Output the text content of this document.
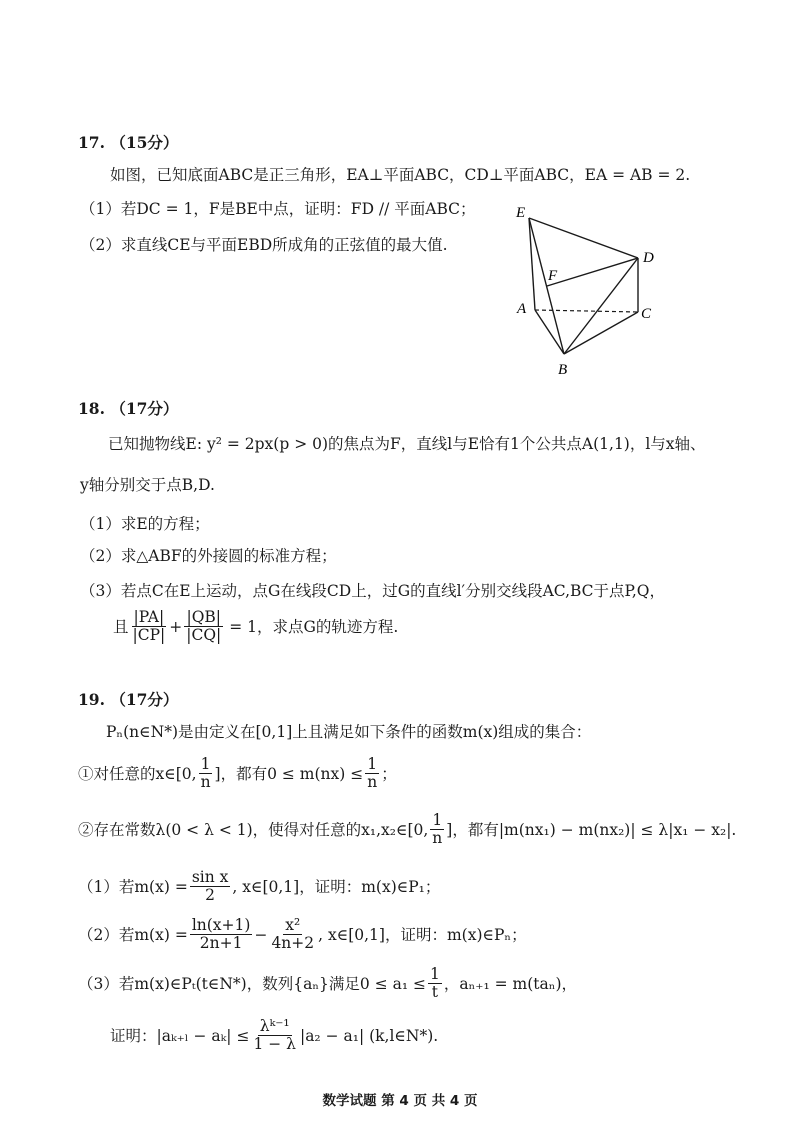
17. （15分）
如图，已知底面ABC是正三角形，EA⊥平面ABC，CD⊥平面ABC，EA = AB = 2.
（1）若DC = 1，F是BE中点，证明：FD // 平面ABC；
（2）求直线CE与平面EBD所成角的正弦值的最大值.
E
D
F
A	C
B
18. （17分）
已知抛物线E: y² = 2px(p > 0)的焦点为F，直线l与E恰有1个公共点A(1,1)，l与x轴、
y轴分别交于点B,D.
（1）求E的方程；
（2）求△ABF的外接圆的标准方程；
（3）若点C在E上运动，点G在线段CD上，过G的直线l′分别交线段AC,BC于点P,Q，
且 $\frac{|PA|}{|CP|} + \frac{|QB|}{|CQ|} = 1$，求点G的轨迹方程.
19. （17分）
Pₙ(n∈N*)是由定义在[0,1]上且满足如下条件的函数m(x)组成的集合：
①对任意的x∈[0, $\frac{1}{n}$ ]，都有$0 \le m(nx) \le \frac{1}{n}$ ；
②存在常数λ(0 < λ < 1)，使得对任意的x₁,x₂∈[0, $\frac{1}{n}$ ]，都有|m(nx₁) − m(nx₂)| ≤ λ|x₁ − x₂|.
（1）若$m(x) = \frac{\text{sin x}}{2}$ , x∈[0,1]，证明：m(x)∈P₁；
（2）若$m(x) = \frac{\ln(x+1)}{2n+1} - \frac{\text{x²}}{4n+2}$ , x∈[0,1]，证明：m(x)∈Pₙ；
（3）若m(x)∈Pₜ(t∈N*)，数列{aₙ}满足$0 \le a_1 \le \frac{1}{t}$ ，aₙ₊₁ = m(taₙ)，
证明：$|a_{k+l} - a_k| \le \frac{\text{λᵏ⁻¹}}{1 - \lambda} |a_2 - a_1|$ (k,l∈N*).
数学试题 第 4 页 共 4 页
